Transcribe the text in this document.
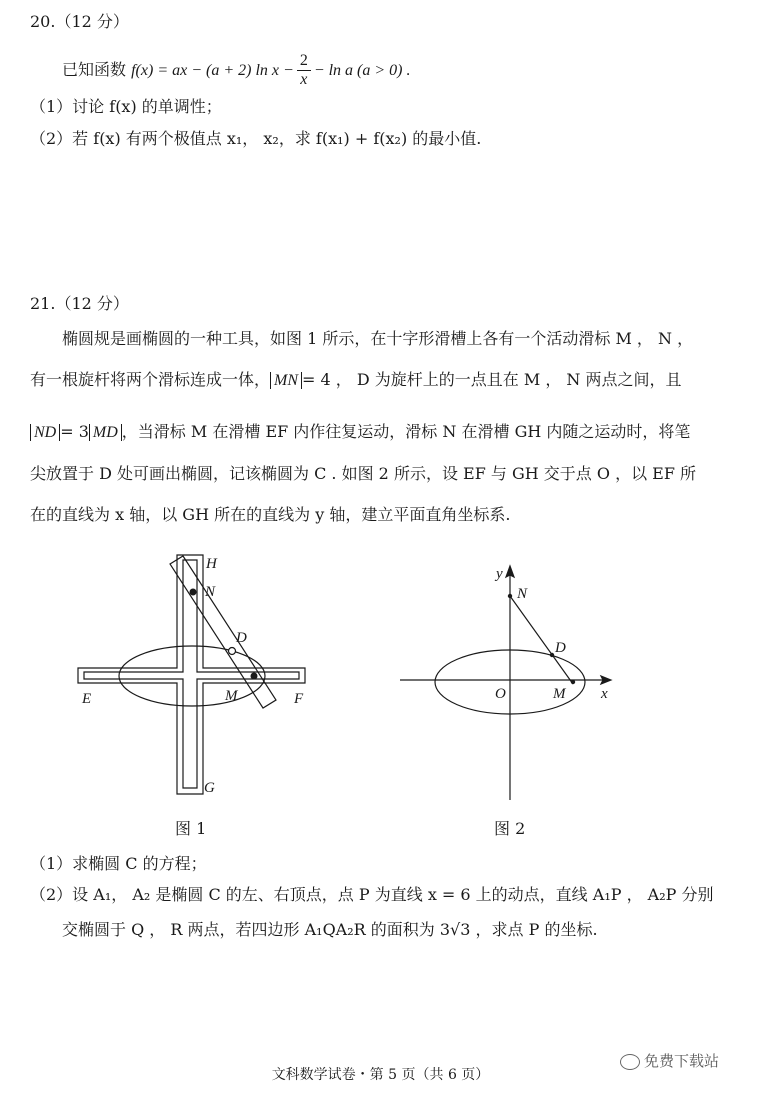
20.（12 分）
已知函数 f(x) = ax − (a + 2) $\ln x - \frac{2}{x} - \ln a$ (a > 0) .
（1）讨论 f(x) 的单调性；
（2）若 f(x) 有两个极值点 x₁， x₂，求 f(x₁) + f(x₂) 的最小值.
21.（12 分）
椭圆规是画椭圆的一种工具，如图 1 所示，在十字形滑槽上各有一个活动滑标 M ， N ，
有一根旋杆将两个滑标连成一体， MN = 4 ， D 为旋杆上的一点且在 M ， N 两点之间，且
ND = 3 MD ，当滑标 M 在滑槽 EF 内作往复运动，滑标 N 在滑槽 GH 内随之运动时，将笔
尖放置于 D 处可画出椭圆，记该椭圆为 C . 如图 2 所示，设 EF 与 GH 交于点 O ，以 EF 所
在的直线为 x 轴，以 GH 所在的直线为 y 轴，建立平面直角坐标系.
H
N
D
E	M	F
G
图 1
y
N
D
O	M x
图 2
（1）求椭圆 C 的方程；
（2）设 A₁， A₂ 是椭圆 C 的左、右顶点，点 P 为直线 x = 6 上的动点，直线 A₁P ， A₂P 分别
交椭圆于 Q ， R 两点，若四边形 A₁QA₂R 的面积为 3√3 ，求点 P 的坐标.
文科数学试卷・第 5 页（共 6 页）
免费下载站
